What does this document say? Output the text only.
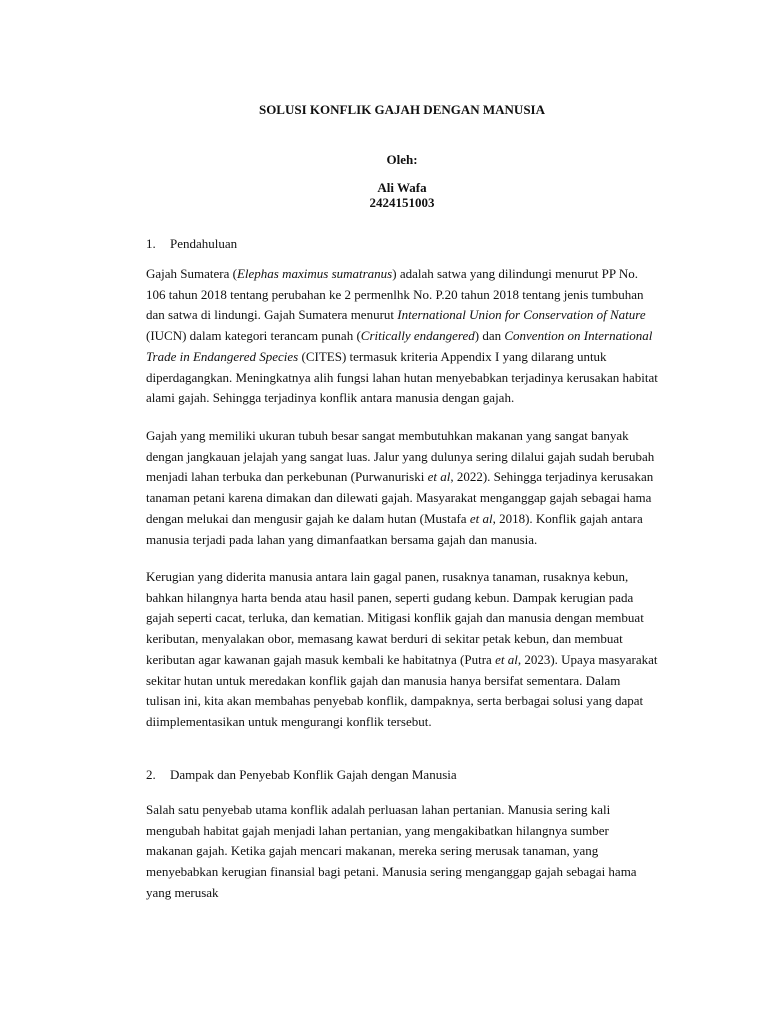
SOLUSI KONFLIK GAJAH DENGAN MANUSIA
Oleh:
Ali Wafa
2424151003
1. Pendahuluan
Gajah Sumatera (Elephas maximus sumatranus) adalah satwa yang dilindungi menurut PP No. 106 tahun 2018 tentang perubahan ke 2 permenlhk No. P.20 tahun 2018 tentang jenis tumbuhan dan satwa di lindungi. Gajah Sumatera menurut International Union for Conservation of Nature (IUCN) dalam kategori terancam punah (Critically endangered) dan Convention on International Trade in Endangered Species (CITES) termasuk kriteria Appendix I yang dilarang untuk diperdagangkan. Meningkatnya alih fungsi lahan hutan menyebabkan terjadinya kerusakan habitat alami gajah. Sehingga terjadinya konflik antara manusia dengan gajah.
Gajah yang memiliki ukuran tubuh besar sangat membutuhkan makanan yang sangat banyak dengan jangkauan jelajah yang sangat luas. Jalur yang dulunya sering dilalui gajah sudah berubah menjadi lahan terbuka dan perkebunan (Purwanuriski et al, 2022). Sehingga terjadinya kerusakan tanaman petani karena dimakan dan dilewati gajah. Masyarakat menganggap gajah sebagai hama dengan melukai dan mengusir gajah ke dalam hutan (Mustafa et al, 2018). Konflik gajah antara manusia terjadi pada lahan yang dimanfaatkan bersama gajah dan manusia.
Kerugian yang diderita manusia antara lain gagal panen, rusaknya tanaman, rusaknya kebun, bahkan hilangnya harta benda atau hasil panen, seperti gudang kebun. Dampak kerugian pada gajah seperti cacat, terluka, dan kematian. Mitigasi konflik gajah dan manusia dengan membuat keributan, menyalakan obor, memasang kawat berduri di sekitar petak kebun, dan membuat keributan agar kawanan gajah masuk kembali ke habitatnya (Putra et al, 2023). Upaya masyarakat sekitar hutan untuk meredakan konflik gajah dan manusia hanya bersifat sementara. Dalam tulisan ini, kita akan membahas penyebab konflik, dampaknya, serta berbagai solusi yang dapat diimplementasikan untuk mengurangi konflik tersebut.
2. Dampak dan Penyebab Konflik Gajah dengan Manusia
Salah satu penyebab utama konflik adalah perluasan lahan pertanian. Manusia sering kali mengubah habitat gajah menjadi lahan pertanian, yang mengakibatkan hilangnya sumber makanan gajah. Ketika gajah mencari makanan, mereka sering merusak tanaman, yang menyebabkan kerugian finansial bagi petani. Manusia sering menganggap gajah sebagai hama yang merusak
